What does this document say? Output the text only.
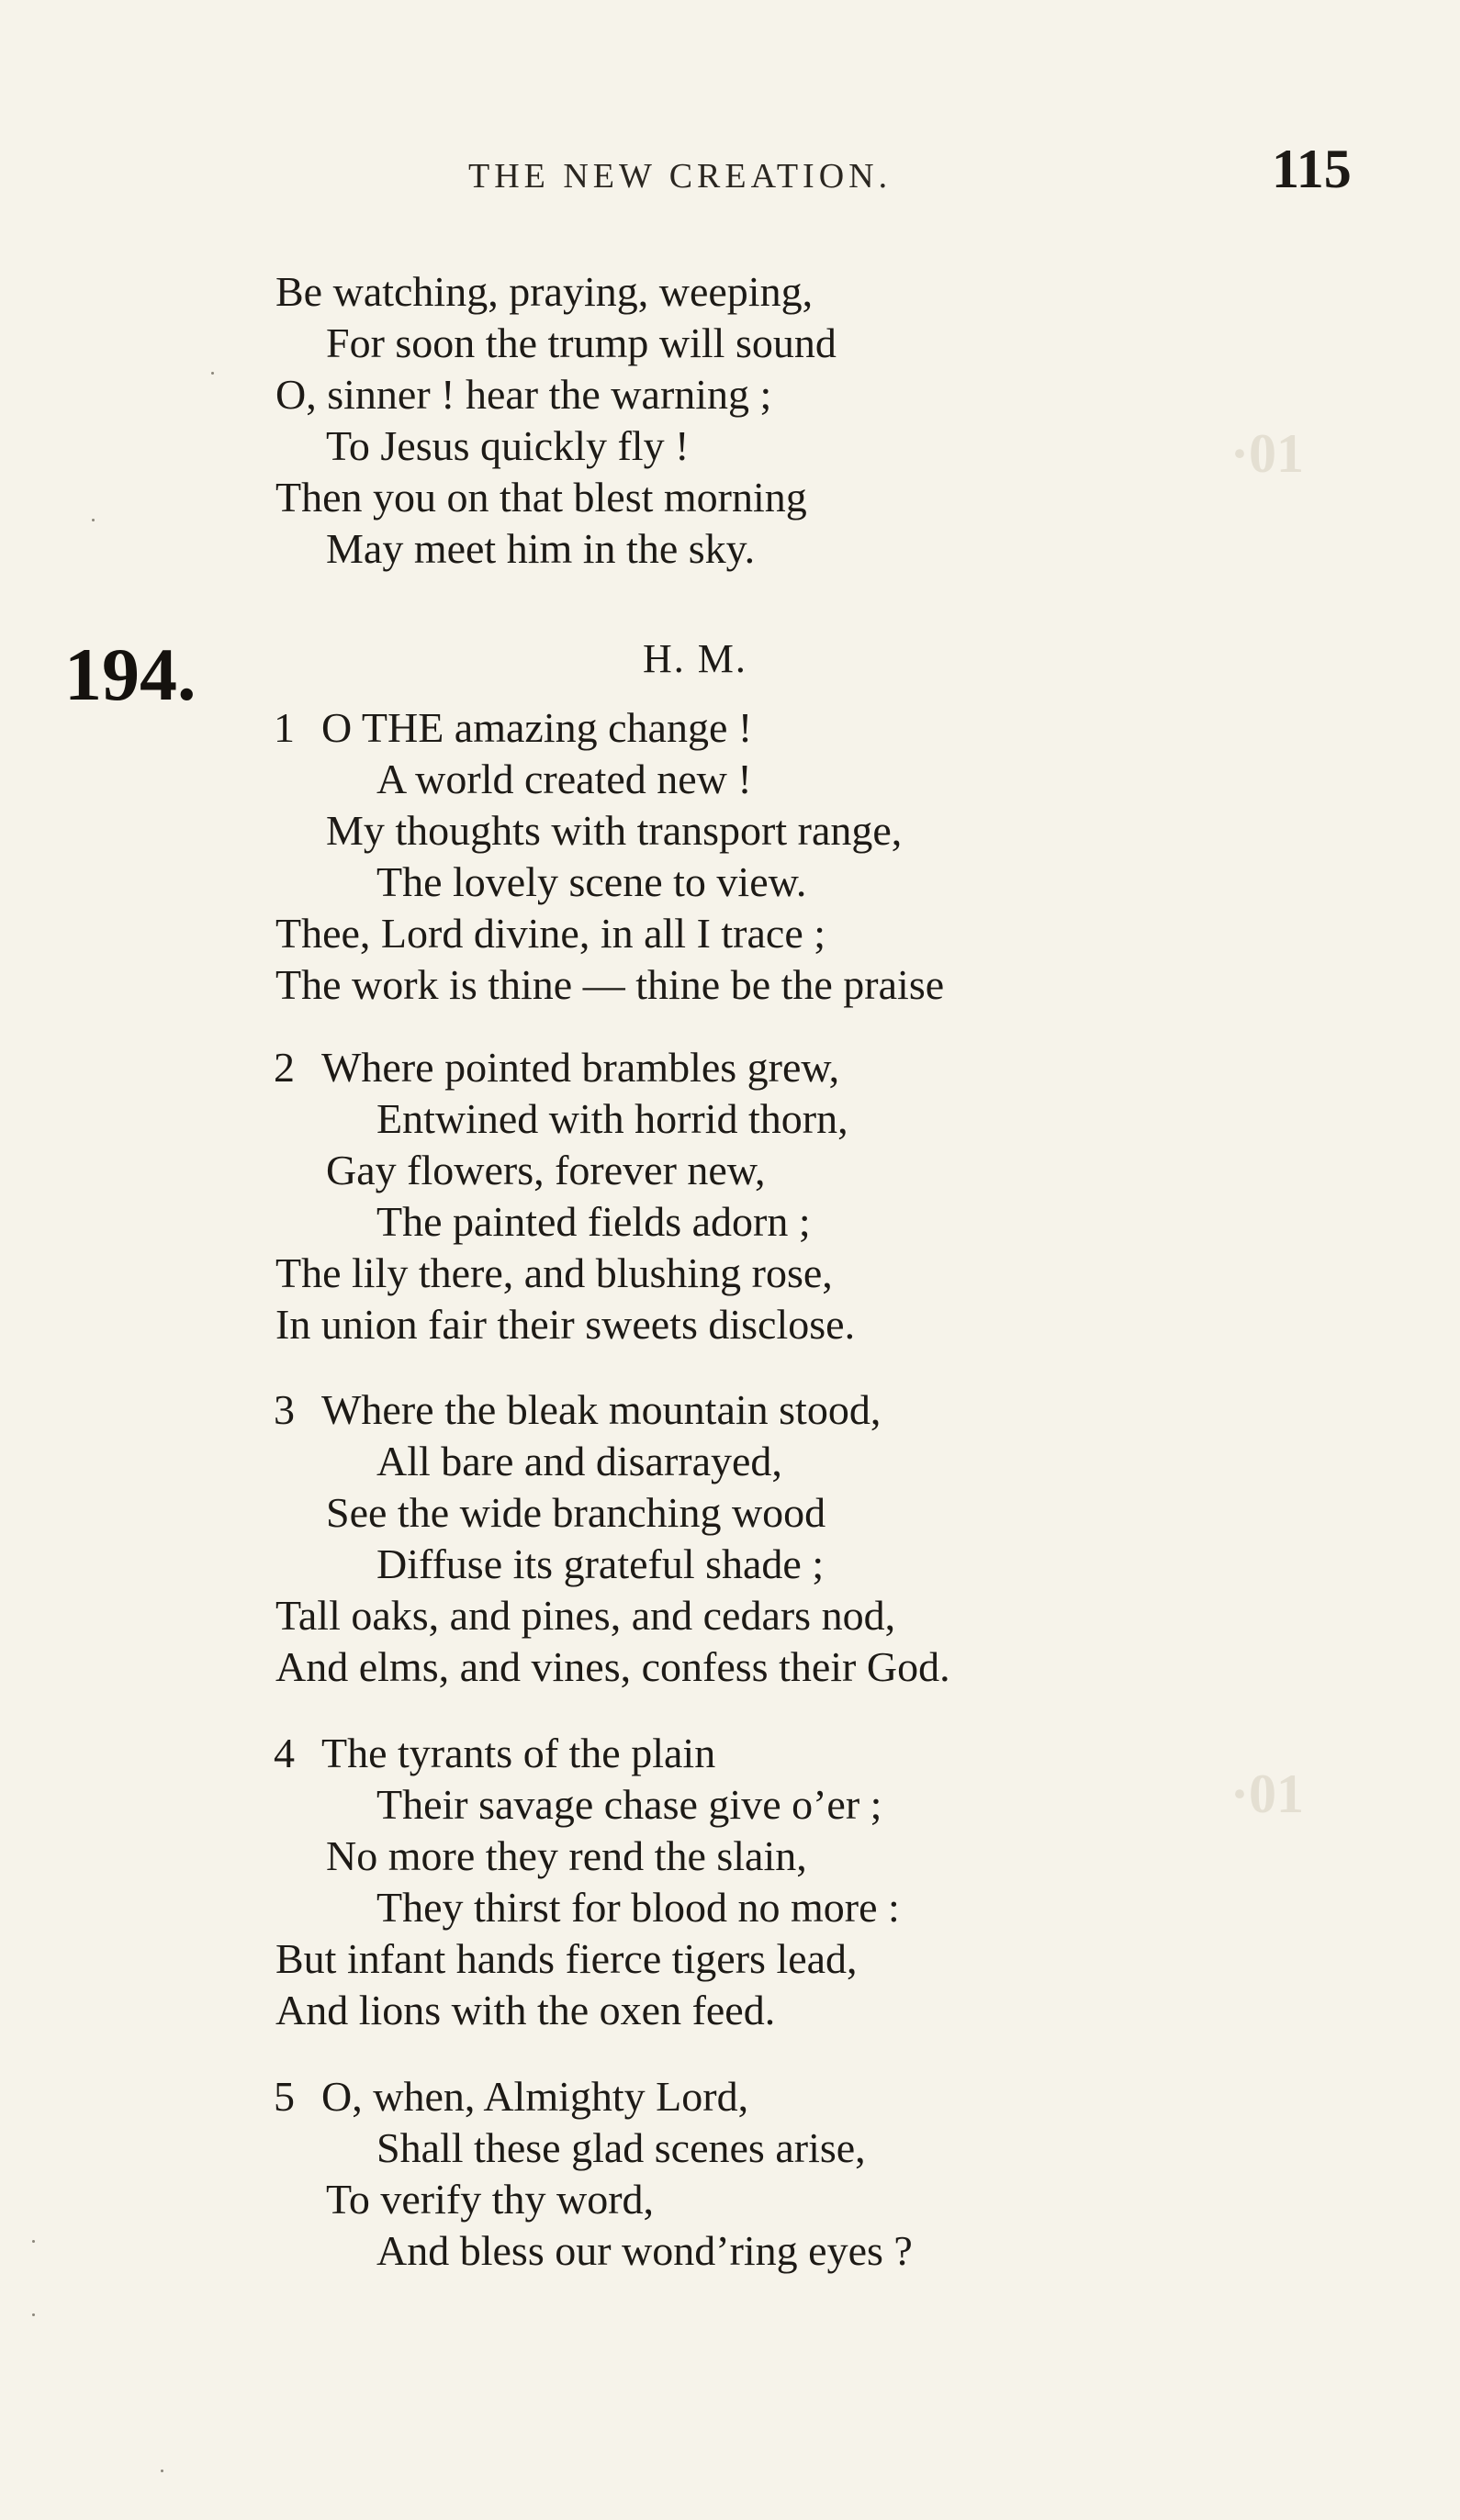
THE NEW CREATION.	115
·01
·01
Be watching, praying, weeping,
For soon the trump will sound
O, sinner ! hear the warning ;
To Jesus quickly fly !
Then you on that blest morning
May meet him in the sky.
194.	H. M.
1 O THE amazing change !
A world created new !
My thoughts with transport range,
The lovely scene to view.
Thee, Lord divine, in all I trace ;
The work is thine — thine be the praise
2 Where pointed brambles grew,
Entwined with horrid thorn,
Gay flowers, forever new,
The painted fields adorn ;
The lily there, and blushing rose,
In union fair their sweets disclose.
3 Where the bleak mountain stood,
All bare and disarrayed,
See the wide branching wood
Diffuse its grateful shade ;
Tall oaks, and pines, and cedars nod,
And elms, and vines, confess their God.
4 The tyrants of the plain
Their savage chase give o’er ;
No more they rend the slain,
They thirst for blood no more :
But infant hands fierce tigers lead,
And lions with the oxen feed.
5 O, when, Almighty Lord,
Shall these glad scenes arise,
To verify thy word,
And bless our wond’ring eyes ?
